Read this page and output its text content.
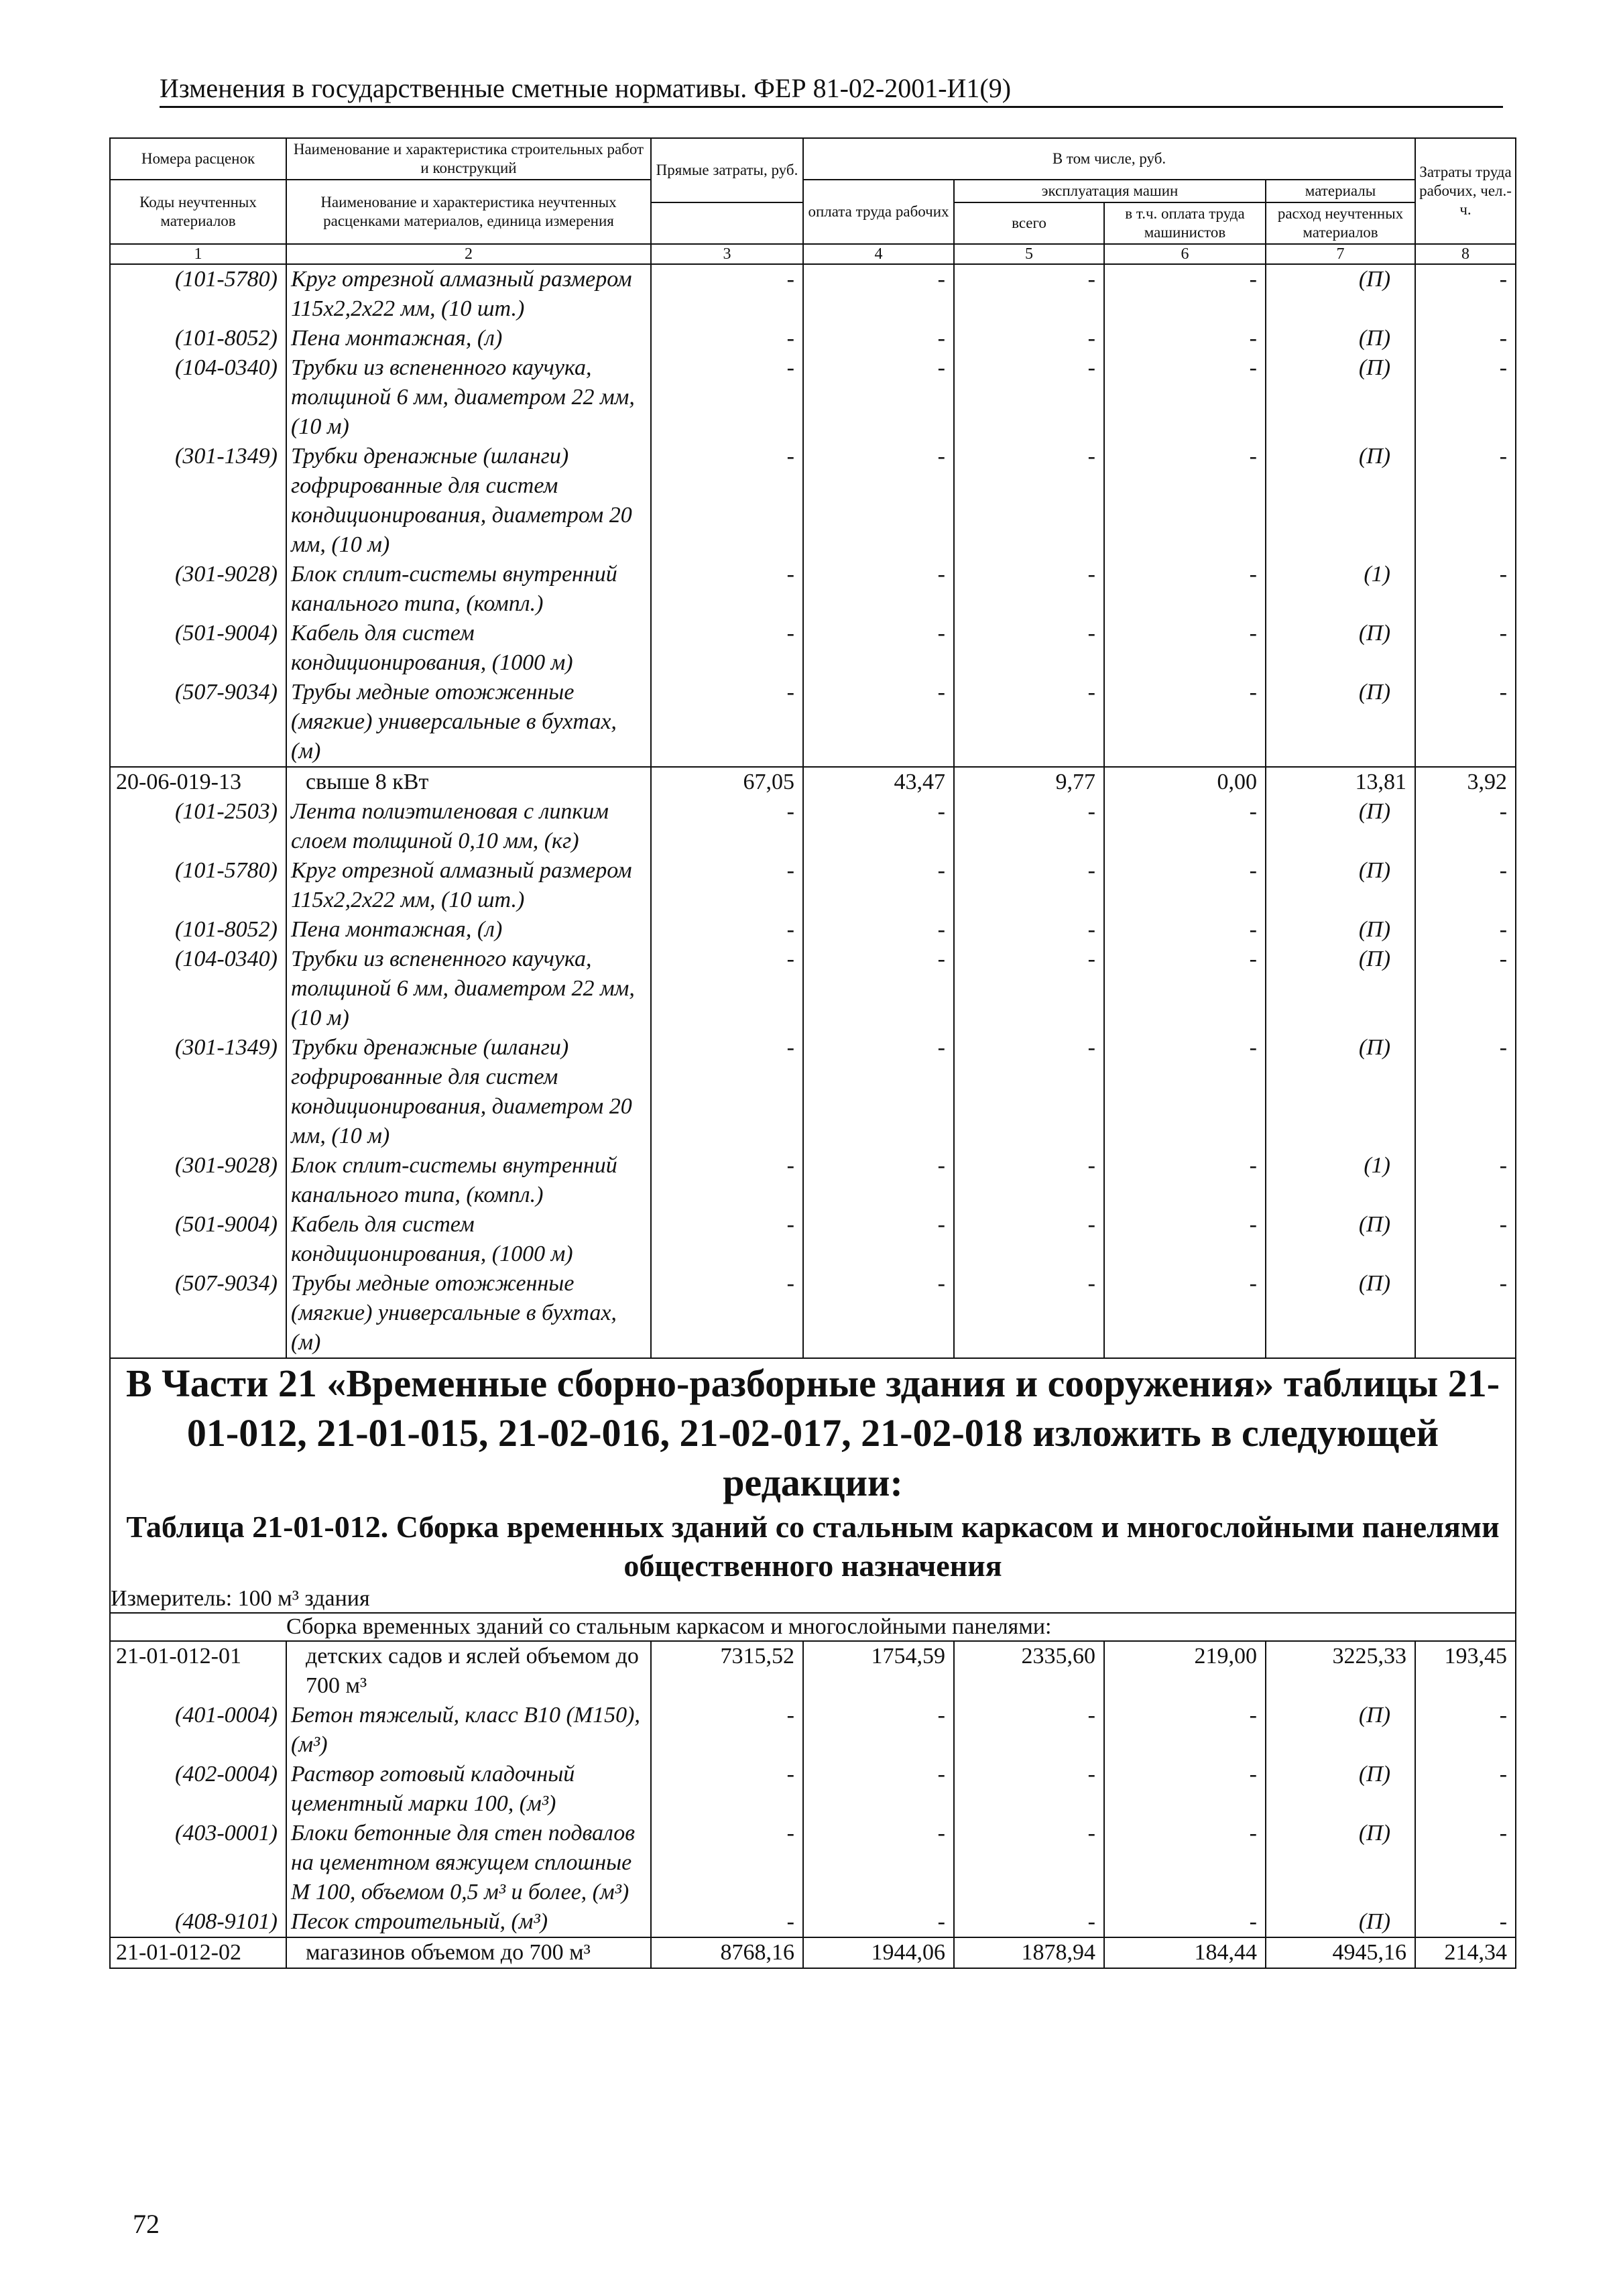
Изменения в государственные сметные нормативы. ФЕР 81-02-2001-И1(9)
Номера расценок	Наименование и характеристика строительных работ и конструкций	Прямые затраты, руб.	В том числе, руб.				Затраты труда рабочих, чел.-ч.
Коды неучтенных материалов	Наименование и характеристика неучтенных расценками материалов, единица измерения		оплата труда рабочих	эксплуатация машин		материалы	
				всего	в т.ч. оплата труда машинистов	расход неучтенных материалов	
1	2	3	4	5	6	7	8
(101-5780)	Круг отрезной алмазный размером 115x2,2x22 мм, (10 шт.)	-	-	-	-	(П)	-
(101-8052)	Пена монтажная, (л)	-	-	-	-	(П)	-
(104-0340)	Трубки из вспененного каучука, толщиной 6 мм, диаметром 22 мм, (10 м)	-	-	-	-	(П)	-
(301-1349)	Трубки дренажные (шланги) гофрированные для систем кондиционирования, диаметром 20 мм, (10 м)	-	-	-	-	(П)	-
(301-9028)	Блок сплит-системы внутренний канального типа, (компл.)	-	-	-	-	(1)	-
(501-9004)	Кабель для систем кондиционирования, (1000 м)	-	-	-	-	(П)	-
(507-9034)	Трубы медные отожженные (мягкие) универсальные в бухтах, (м)	-	-	-	-	(П)	-
20-06-019-13	свыше 8 кВт	67,05	43,47	9,77	0,00	13,81	3,92
(101-2503)	Лента полиэтиленовая с липким слоем толщиной 0,10 мм, (кг)	-	-	-	-	(П)	-
(101-5780)	Круг отрезной алмазный размером 115x2,2x22 мм, (10 шт.)	-	-	-	-	(П)	-
(101-8052)	Пена монтажная, (л)	-	-	-	-	(П)	-
(104-0340)	Трубки из вспененного каучука, толщиной 6 мм, диаметром 22 мм, (10 м)	-	-	-	-	(П)	-
(301-1349)	Трубки дренажные (шланги) гофрированные для систем кондиционирования, диаметром 20 мм, (10 м)	-	-	-	-	(П)	-
(301-9028)	Блок сплит-системы внутренний канального типа, (компл.)	-	-	-	-	(1)	-
(501-9004)	Кабель для систем кондиционирования, (1000 м)	-	-	-	-	(П)	-
(507-9034)	Трубы медные отожженные (мягкие) универсальные в бухтах, (м)	-	-	-	-	(П)	-
В Части 21 «Временные сборно-разборные здания и сооружения» таблицы 21-01-012, 21-01-015, 21-02-016, 21-02-017, 21-02-018 изложить в следующей редакции:							
Таблица 21-01-012. Сборка временных зданий со стальным каркасом и многослойными панелями общественного назначения							
Измеритель: 100 м³ здания							
Сборка временных зданий со стальным каркасом и многослойными панелями:							
21-01-012-01	детских садов и яслей объемом до 700 м³	7315,52	1754,59	2335,60	219,00	3225,33	193,45
(401-0004)	Бетон тяжелый, класс В10 (М150), (м³)	-	-	-	-	(П)	-
(402-0004)	Раствор готовый кладочный цементный марки 100, (м³)	-	-	-	-	(П)	-
(403-0001)	Блоки бетонные для стен подвалов на цементном вяжущем сплошные М 100, объемом 0,5 м³ и более, (м³)	-	-	-	-	(П)	-
(408-9101)	Песок строительный, (м³)	-	-	-	-	(П)	-
21-01-012-02	магазинов объемом до 700 м³	8768,16	1944,06	1878,94	184,44	4945,16	214,34
72
